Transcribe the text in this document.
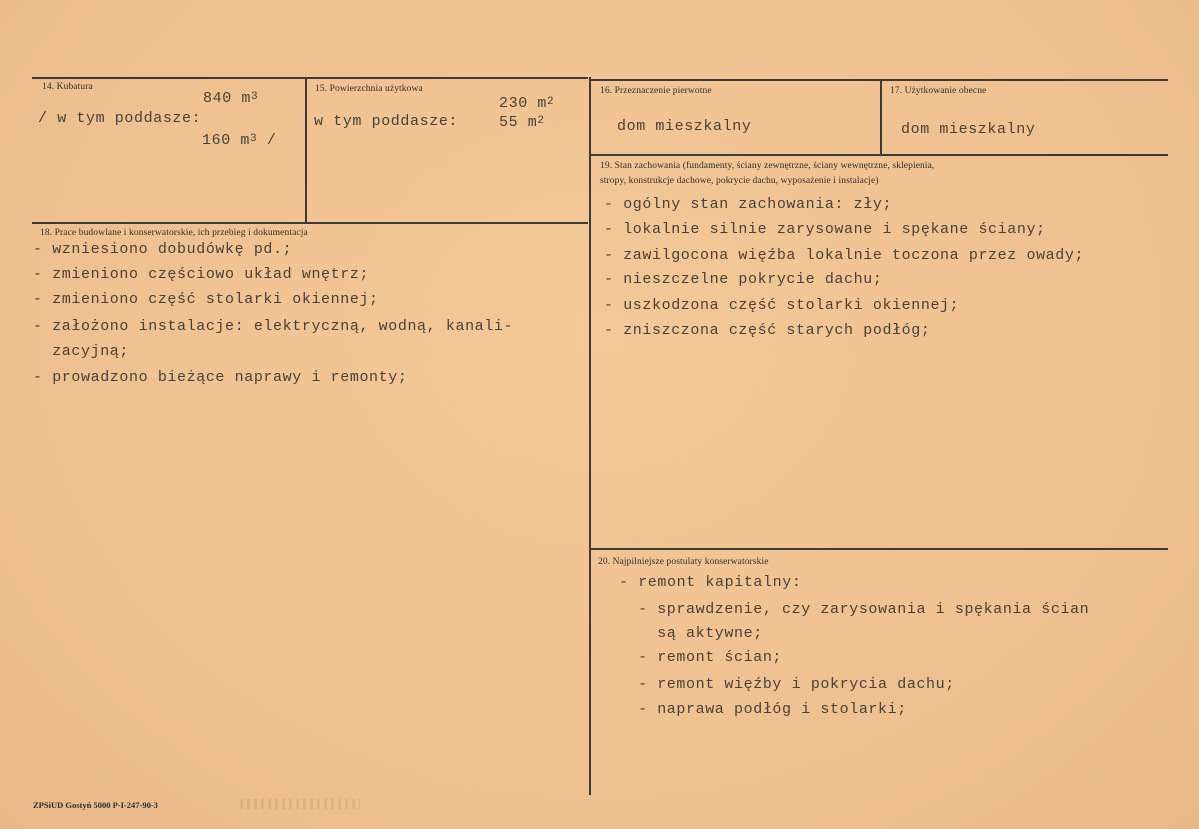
14. Kubatura
840 $m^3$
/ w tym poddasze:
160 $m^3$ /
15. Powierzchnia użytkowa
230 $m^2$
w tym poddasze:	55 $m^2$
16. Przeznaczenie pierwotne
dom mieszkalny
17. Użytkowanie obecne
dom mieszkalny
18. Prace budowlane i konserwatorskie, ich przebieg i dokumentacja
- wzniesiono dobudówkę pd.;
- zmieniono częściowo układ wnętrz;
- zmieniono część stolarki okiennej;
- założono instalacje: elektryczną, wodną, kanali-
zacyjną;
- prowadzono bieżące naprawy i remonty;
19. Stan zachowania (fundamenty, ściany zewnętrzne, ściany wewnętrzne, sklepienia,
stropy, konstrukcje dachowe, pokrycie dachu, wyposażenie i instalacje)
- ogólny stan zachowania: zły;
- lokalnie silnie zarysowane i spękane ściany;
- zawilgocona więźba lokalnie toczona przez owady;
- nieszczelne pokrycie dachu;
- uszkodzona część stolarki okiennej;
- zniszczona część starych podłóg;
20. Najpilniejsze postulaty konserwatorskie
- remont kapitalny:
- sprawdzenie, czy zarysowania i spękania ścian
są aktywne;
- remont ścian;
- remont więźby i pokrycia dachu;
- naprawa podłóg i stolarki;
ZPSiUD Gostyń 5000 P-I-247-90-3
